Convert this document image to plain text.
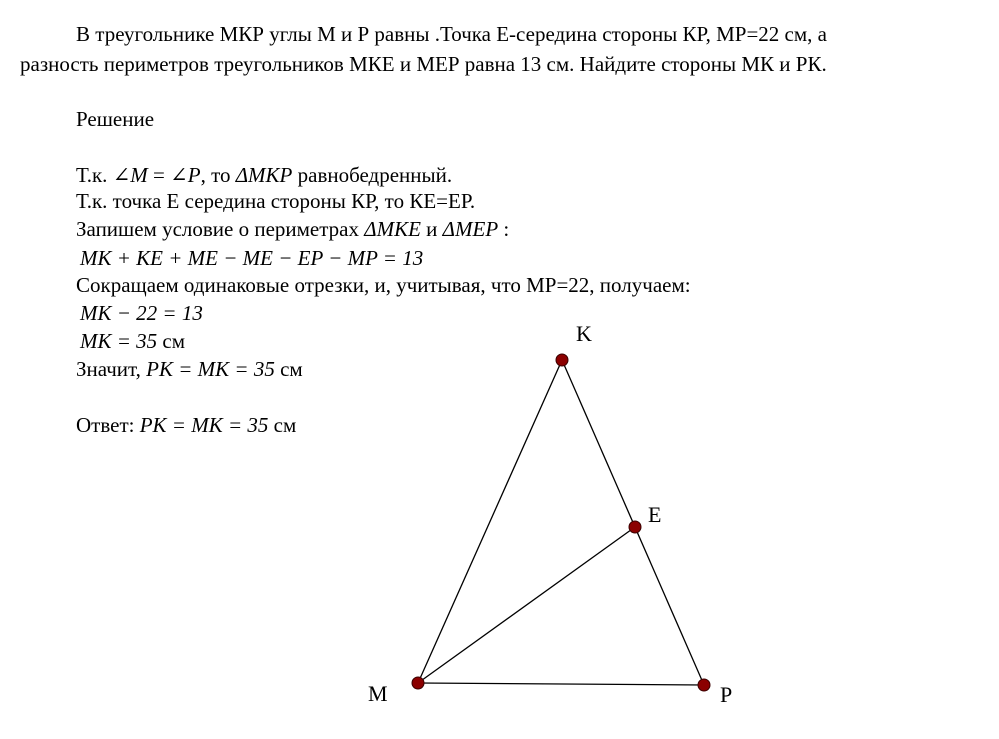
В треугольнике МКР углы М и Р равны .Точка Е-середина стороны КР, МР=22 см, а
разность периметров треугольников МКЕ и МЕР равна 13 см. Найдите стороны МК и РК.
Решение
Т.к. ∠M = ∠P, то ΔMKP равнобедренный.
Т.к. точка Е середина стороны КР, то КЕ=ЕР.
Запишем условие о периметрах ΔMKE и ΔMEP :
MK + KE + ME − ME − EP − MP = 13
Сокращаем одинаковые отрезки, и, учитывая, что МР=22, получаем:
MK − 22 = 13
MK = 35 см
Значит, PK = MK = 35 см
Ответ: PK = MK = 35 см
K
E
M	P
